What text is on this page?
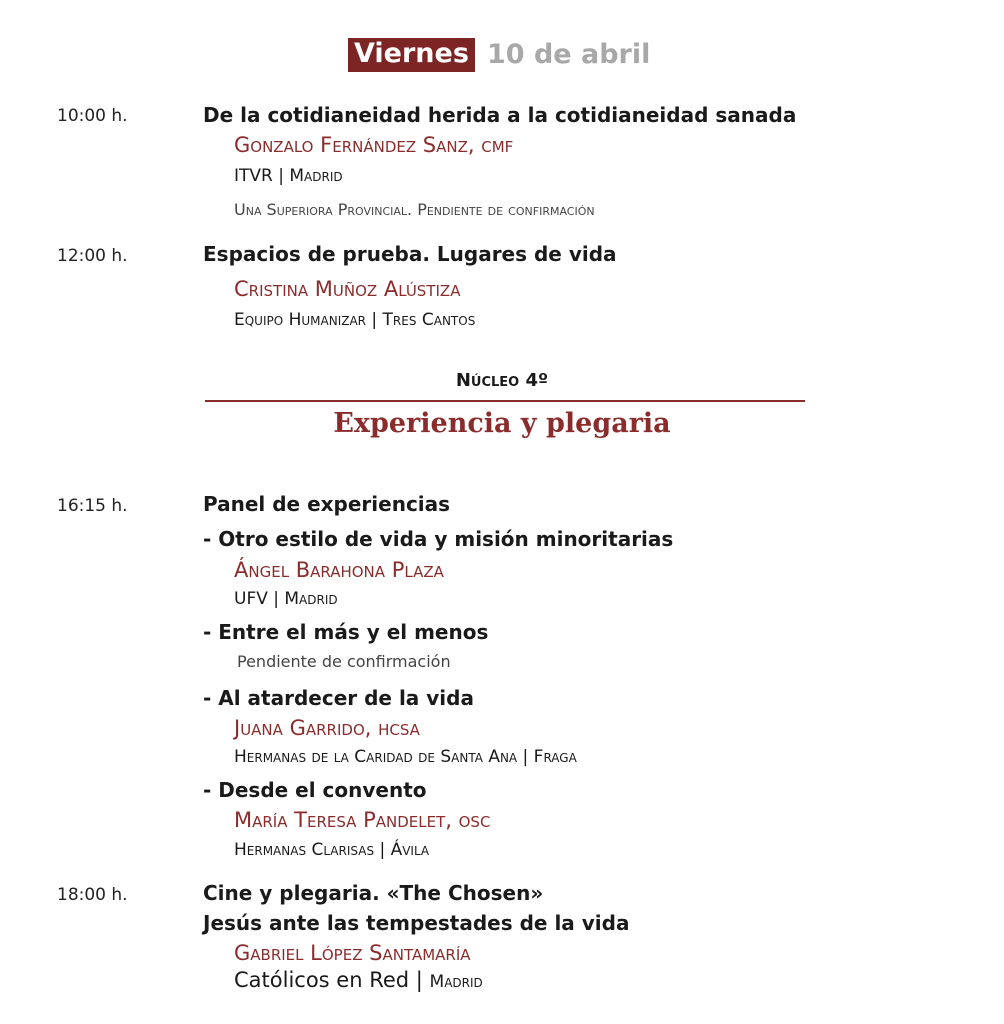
Viernes 10 de abril
10:00 h.	De la cotidianeidad herida a la cotidianeidad sanada
Gonzalo Fernández Sanz, cmf
ITVR | Madrid
Una Superiora Provincial. Pendiente de confirmación
12:00 h.	Espacios de prueba. Lugares de vida
Cristina Muñoz Alústiza
Equipo Humanizar | Tres Cantos
Núcleo 4º
Experiencia y plegaria
16:15 h.	Panel de experiencias
- Otro estilo de vida y misión minoritarias
Ángel Barahona Plaza
UFV | Madrid
- Entre el más y el menos
Pendiente de confirmación
- Al atardecer de la vida
Juana Garrido, hcsa
Hermanas de la Caridad de Santa Ana | Fraga
- Desde el convento
María Teresa Pandelet, osc
Hermanas Clarisas | Ávila
18:00 h.	Cine y plegaria. «The Chosen»
Jesús ante las tempestades de la vida
Gabriel López Santamaría
Católicos en Red | Madrid
